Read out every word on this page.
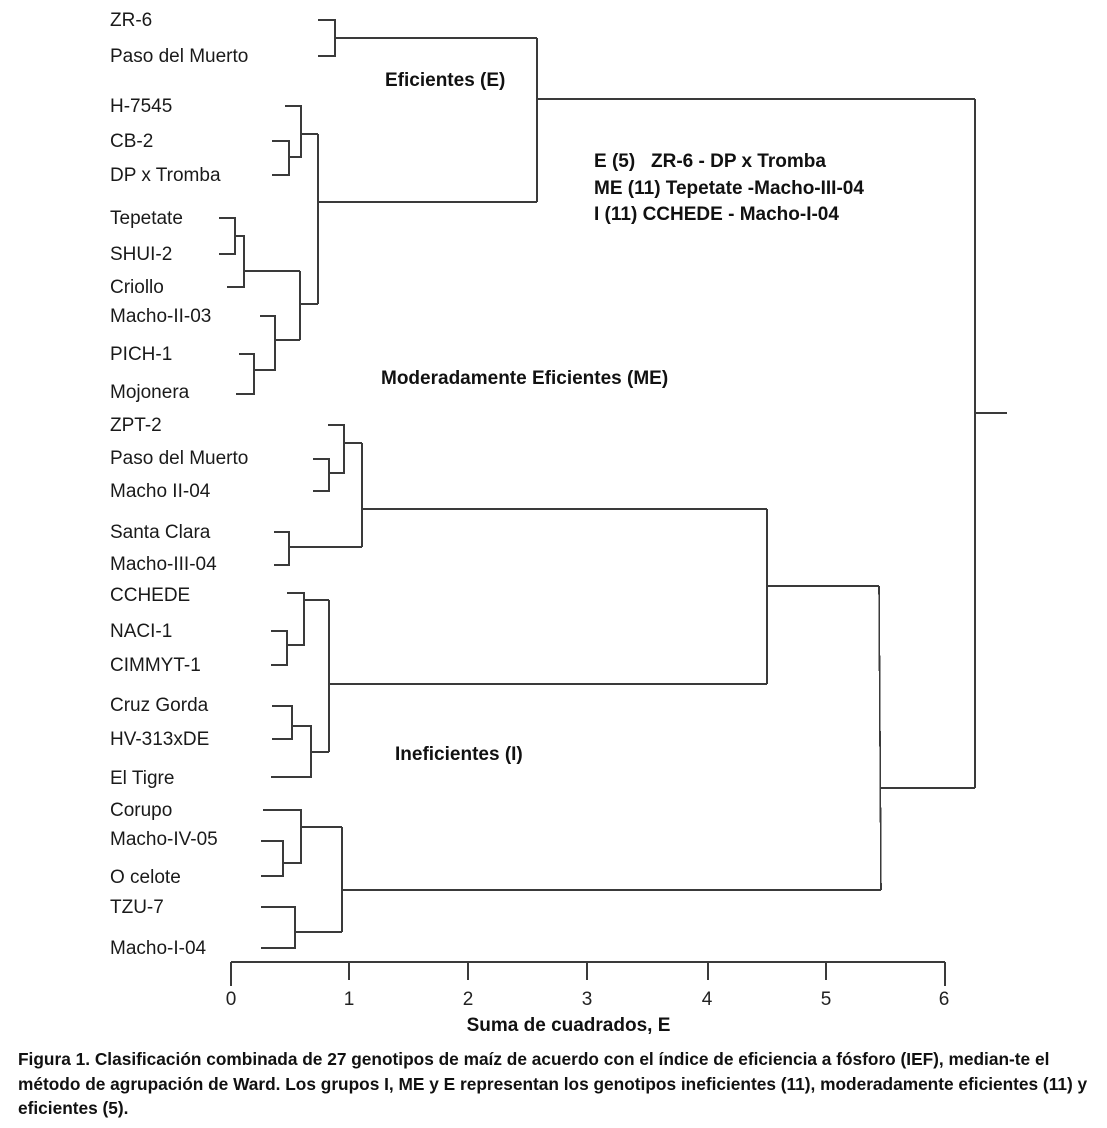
ZR-6
Paso del Muerto
H-7545
CB-2
DP x Tromba
Tepetate
SHUI-2
Criollo
Macho-II-03
PICH-1
Mojonera
ZPT-2
Paso del Muerto
Macho II-04
Santa Clara
Macho-III-04
CCHEDE
NACI-1
CIMMYT-1
Cruz Gorda
HV-313xDE
El Tigre
Corupo
Macho-IV-05
O celote
TZU-7
Macho-I-04
Eficientes (E)
Moderadamente Eficientes (ME)
Ineficientes (I)
E (5)   ZR-6 - DP x Tromba
ME (11) Tepetate -Macho-III-04
I (11) CCHEDE - Macho-I-04
0	1	2	3	4	5	6
Suma de cuadrados, E
Figura 1. Clasificación combinada de 27 genotipos de maíz de acuerdo con el índice de eficiencia a fósforo (IEF), median-te el método de agrupación de Ward. Los grupos I, ME y E representan los genotipos ineficientes (11), moderadamente eficientes (11) y eficientes (5).
